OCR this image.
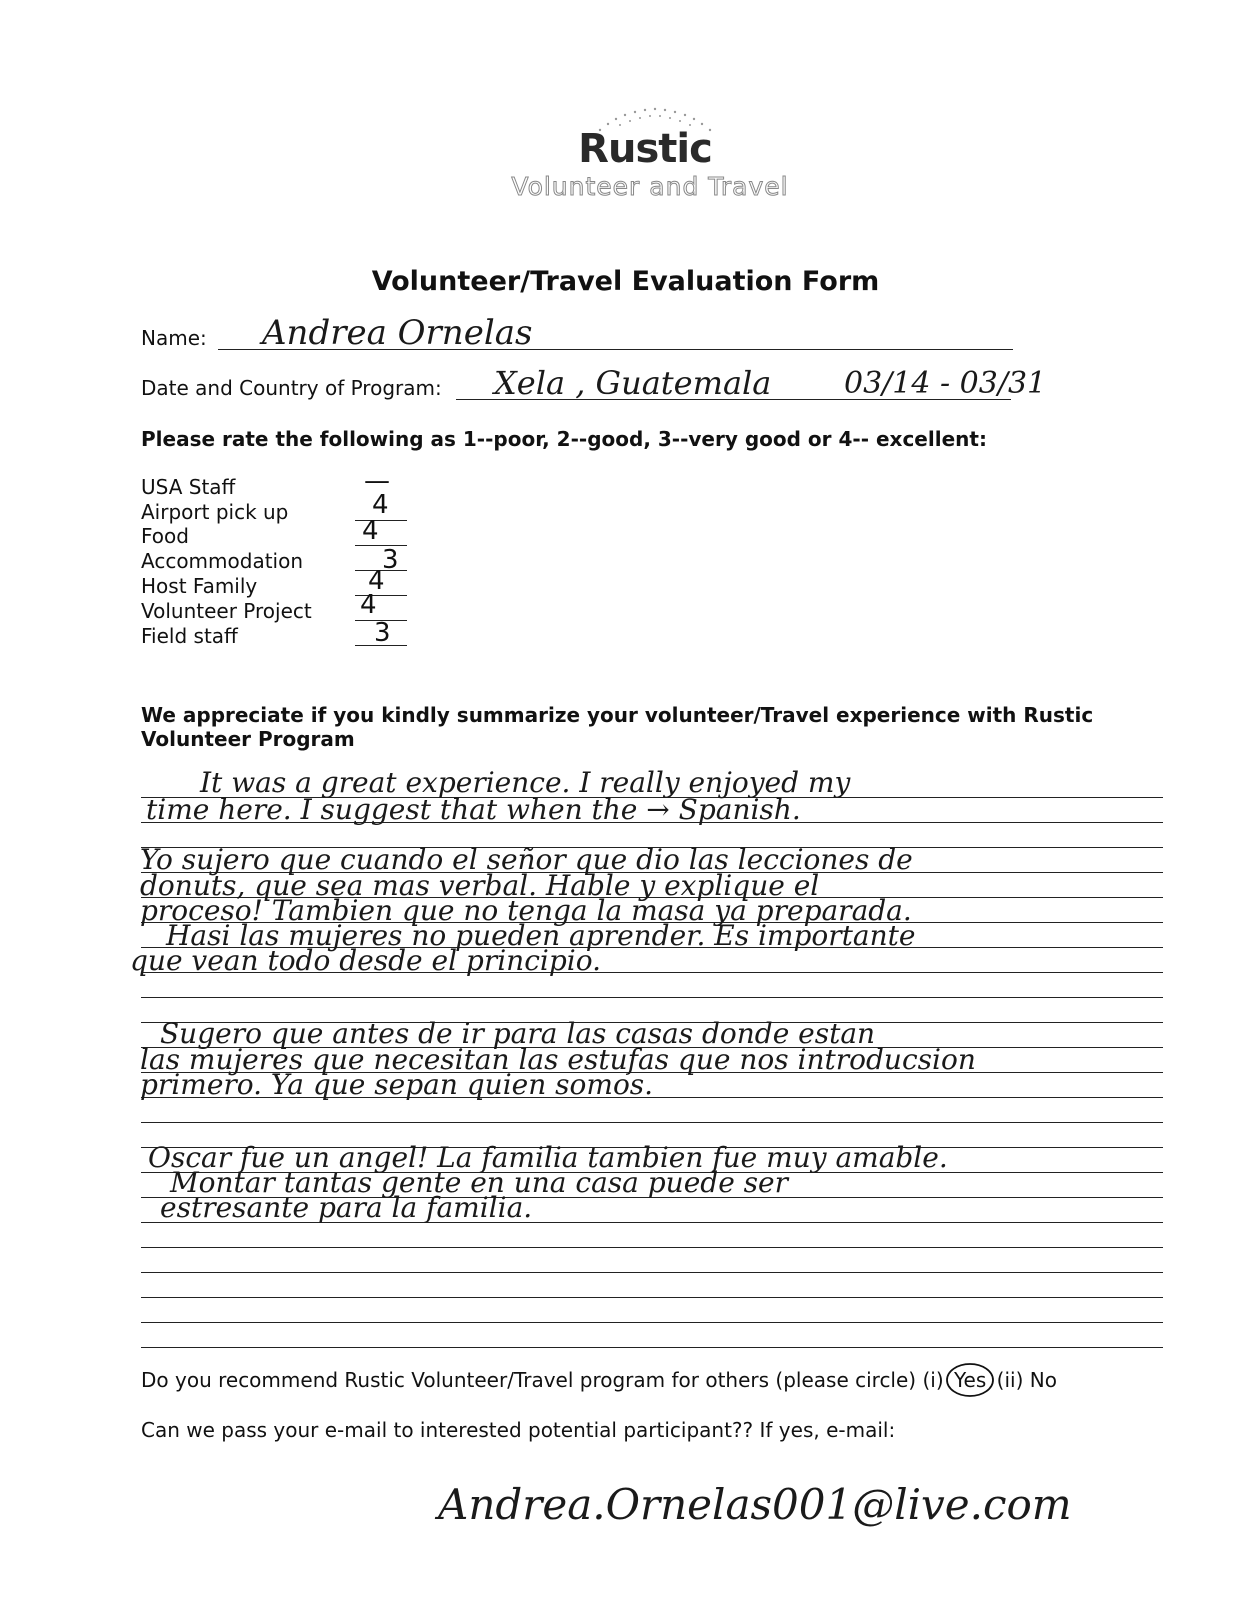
Rustic
Volunteer and Travel
Volunteer/Travel Evaluation Form
Name: Andrea Ornelas
Date and Country of Program: Xela , Guatemala 03/14 - 03/31
Please rate the following as 1--poor, 2--good, 3--very good or 4-- excellent:
USA Staff	—
Airport pick up	4
Food	4
Accommodation	3
Host Family	4
Volunteer Project 4
Field staff	3
We appreciate if you kindly summarize your volunteer/Travel experience with Rustic
Volunteer Program
It was a great experience. I really enjoyed my
time here. I suggest that when the → Spanish.
Yo sujero que cuando el señor que dio las lecciones de
donuts, que sea mas verbal. Hable y explique el
proceso! Tambien que no tenga la masa ya preparada.
Hasi las mujeres no pueden aprender. Es importante
que vean todo desde el principio.
Sugero que antes de ir para las casas donde estan
las mujeres que necesitan las estufas que nos introducsion
primero. Ya que sepan quien somos.
Oscar fue un angel! La familia tambien fue muy amable.
Montar tantas gente en una casa puede ser
estresante para la familia.
Do you recommend Rustic Volunteer/Travel program for others (please circle) (i) Yes (ii) No
Can we pass your e-mail to interested potential participant?? If yes, e-mail:
Andrea.Ornelas001@live.com
